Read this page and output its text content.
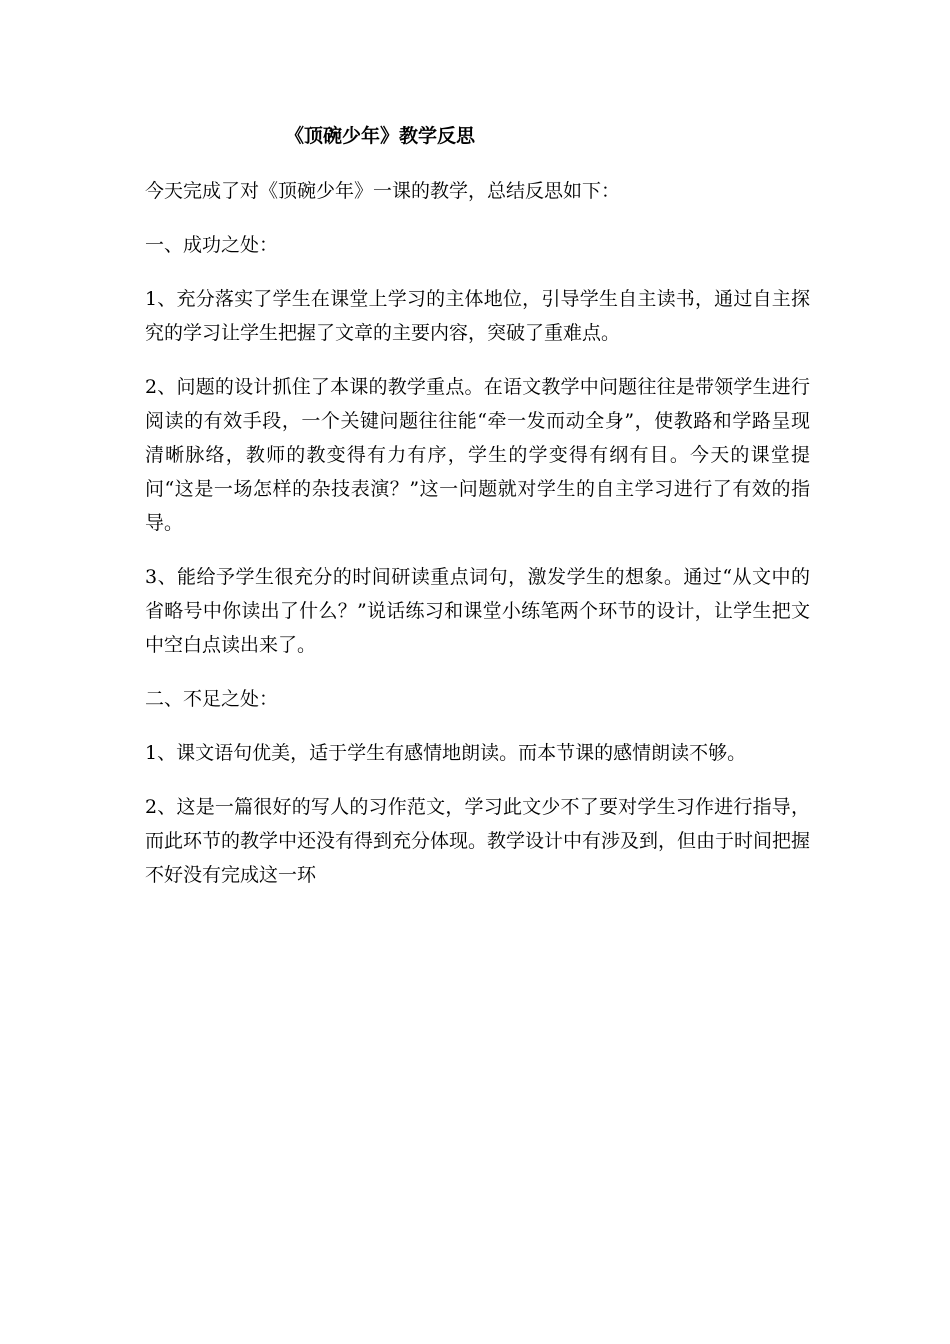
《顶碗少年》教学反思

今天完成了对《顶碗少年》一课的教学，总结反思如下：

一、成功之处：

1、充分落实了学生在课堂上学习的主体地位，引导学生自主读书，通过自主探究的学习让学生把握了文章的主要内容，突破了重难点。

2、问题的设计抓住了本课的教学重点。在语文教学中问题往往是带领学生进行阅读的有效手段，一个关键问题往往能“牵一发而动全身”，使教路和学路呈现清晰脉络，教师的教变得有力有序，学生的学变得有纲有目。今天的课堂提问“这是一场怎样的杂技表演？”这一问题就对学生的自主学习进行了有效的指导。

3、能给予学生很充分的时间研读重点词句，激发学生的想象。通过“从文中的省略号中你读出了什么？”说话练习和课堂小练笔两个环节的设计，让学生把文中空白点读出来了。

二、不足之处：

1、课文语句优美，适于学生有感情地朗读。而本节课的感情朗读不够。

2、这是一篇很好的写人的习作范文，学习此文少不了要对学生习作进行指导，而此环节的教学中还没有得到充分体现。教学设计中有涉及到，但由于时间把握不好没有完成这一环
